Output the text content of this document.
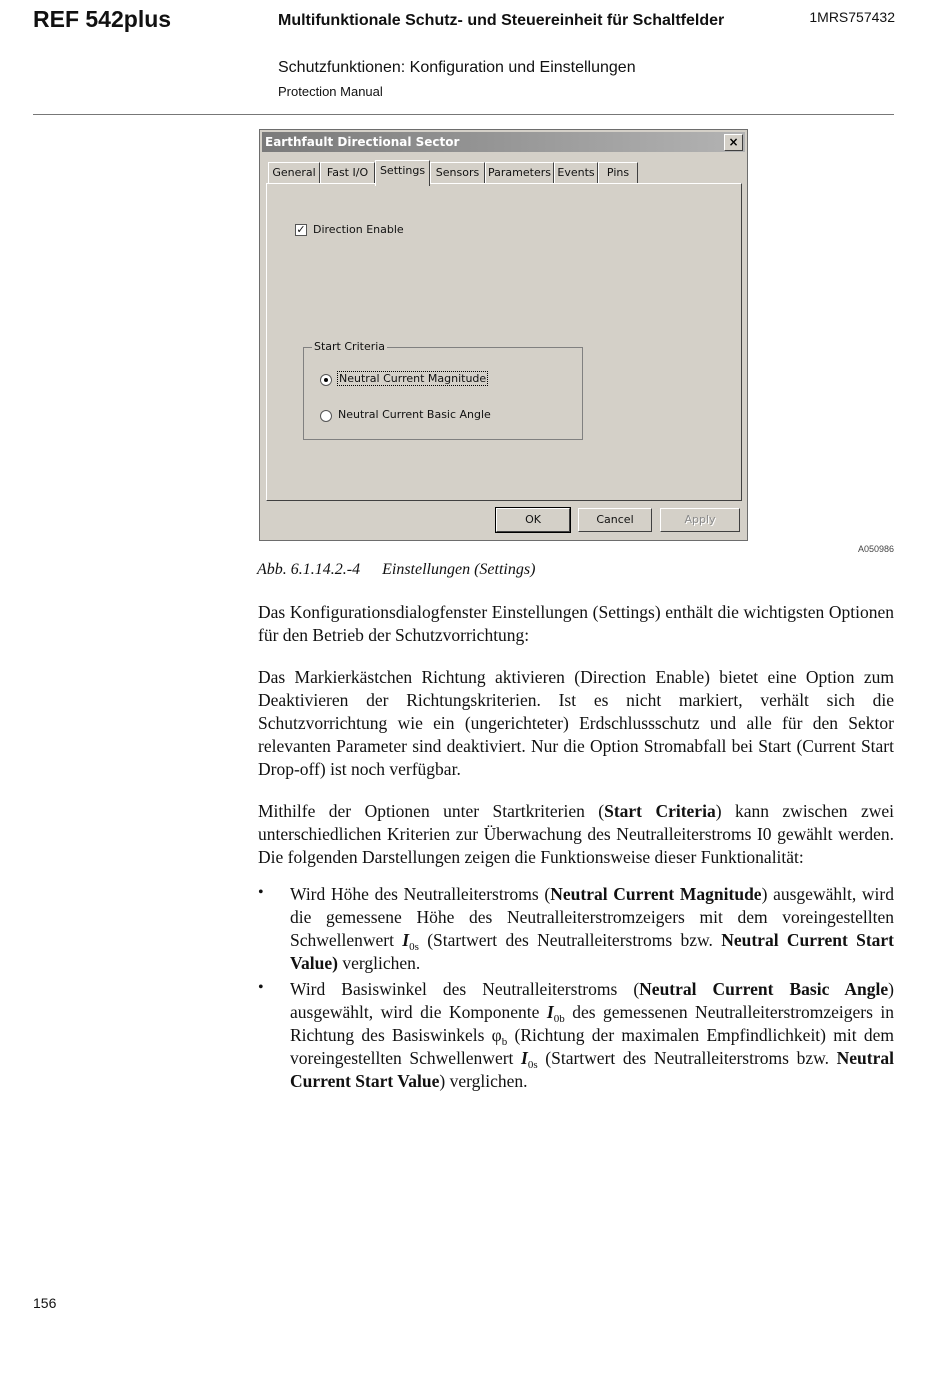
REF 542plus	Multifunktionale Schutz- und Steuereinheit für Schaltfelder
Schutzfunktionen: Konfiguration und Einstellungen
Protection Manual
1MRS757432
Earthfault Directional Sector	×
General	Fast I/O	Settings Sensors Parameters Events	Pins
✓ Direction Enable
Start Criteria
Neutral Current Magnitude
Neutral Current Basic Angle
OK	Cancel	Apply
A050986
Abb. 6.1.14.2.-4 Einstellungen (Settings)
Das Konfigurationsdialogfenster Einstellungen (Settings) enthält die wichtigsten Optionen für den Betrieb der Schutzvorrichtung:
Das Markierkästchen Richtung aktivieren (Direction Enable) bietet eine Option zum Deaktivieren der Richtungskriterien. Ist es nicht markiert, verhält sich die Schutzvorrichtung wie ein (ungerichteter) Erdschlussschutz und alle für den Sektor relevanten Parameter sind deaktiviert. Nur die Option Stromabfall bei Start (Current Start Drop-off) ist noch verfügbar.
Mithilfe der Optionen unter Startkriterien (Start Criteria) kann zwischen zwei unterschiedlichen Kriterien zur Überwachung des Neutralleiterstroms I0 gewählt werden. Die folgenden Darstellungen zeigen die Funktionsweise dieser Funktionalität:
• Wird Höhe des Neutralleiterstroms (Neutral Current Magnitude) ausgewählt, wird die gemessene Höhe des Neutralleiterstromzeigers mit dem voreingestellten Schwellenwert $I_{0s}$ (Startwert des Neutralleiterstroms bzw. Neutral Current Start Value) verglichen.
• Wird Basiswinkel des Neutralleiterstroms (Neutral Current Basic Angle) ausgewählt, wird die Komponente $I_{0b}$ des gemessenen Neutralleiterstromzeigers in Richtung des Basiswinkels $\varphi_b$ (Richtung der maximalen Empfindlichkeit) mit dem voreingestellten Schwellenwert $I_{0s}$ (Startwert des Neutralleiterstroms bzw. Neutral Current Start Value) verglichen.
156
